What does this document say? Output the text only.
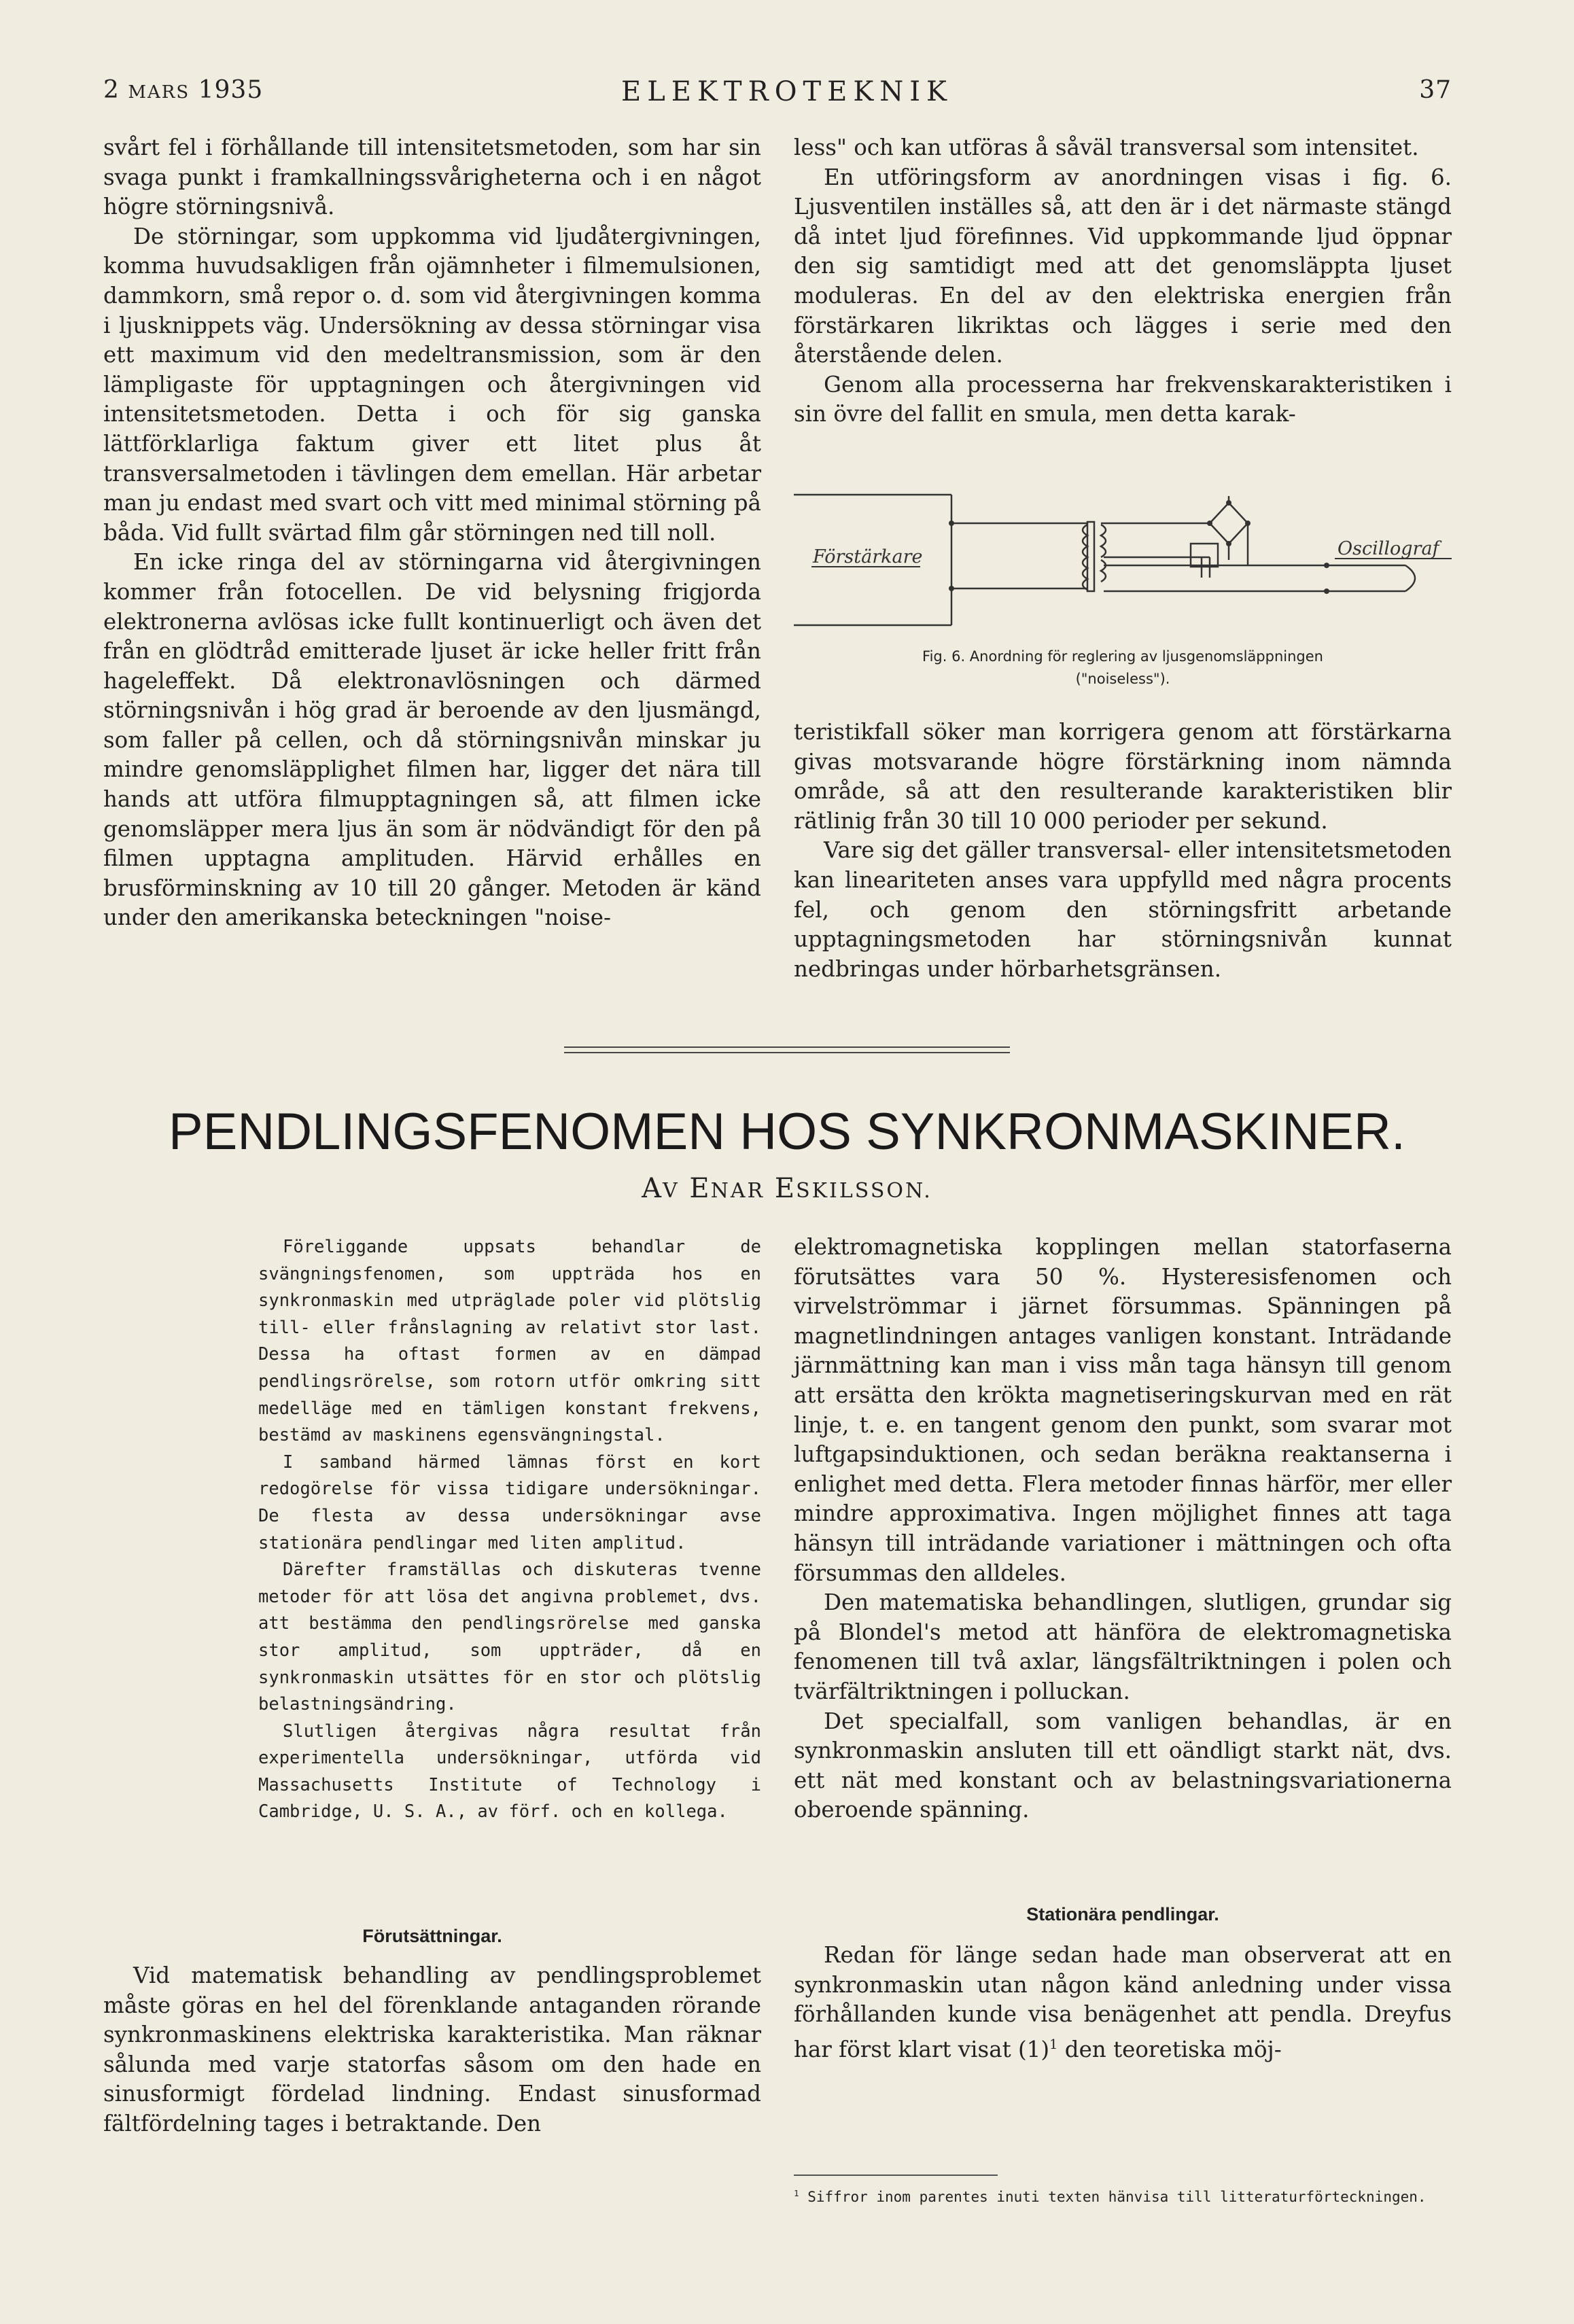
2 MARS 1935	ELEKTROTEKNIK	37

svårt fel i förhållande till intensitetsmetoden, som har sin svaga punkt i framkallningssvårigheterna och i en något högre störningsnivå.

De störningar, som uppkomma vid ljudåtergivningen, komma huvudsakligen från ojämnheter i filmemulsionen, dammkorn, små repor o. d. som vid återgivningen komma i ljusknippets väg. Undersökning av dessa störningar visa ett maximum vid den medeltransmission, som är den lämpligaste för upptagningen och återgivningen vid intensitetsmetoden. Detta i och för sig ganska lättförklarliga faktum giver ett litet plus åt transversalmetoden i tävlingen dem emellan. Här arbetar man ju endast med svart och vitt med minimal störning på båda. Vid fullt svärtad film går störningen ned till noll.

En icke ringa del av störningarna vid återgivningen kommer från fotocellen. De vid belysning frigjorda elektronerna avlösas icke fullt kontinuerligt och även det från en glödtråd emitterade ljuset är icke heller fritt från hageleffekt. Då elektronavlösningen och därmed störningsnivån i hög grad är beroende av den ljusmängd, som faller på cellen, och då störningsnivån minskar ju mindre genomsläpplighet filmen har, ligger det nära till hands att utföra filmupptagningen så, att filmen icke genomsläpper mera ljus än som är nödvändigt för den på filmen upptagna amplituden. Härvid erhålles en brusförminskning av 10 till 20 gånger. Metoden är känd under den amerikanska beteckningen "noise-

less" och kan utföras å såväl transversal som intensitet.

En utföringsform av anordningen visas i fig. 6. Ljusventilen inställes så, att den är i det närmaste stängd då intet ljud förefinnes. Vid uppkommande ljud öppnar den sig samtidigt med att det genomsläppta ljuset moduleras. En del av den elektriska energien från förstärkaren likriktas och lägges i serie med den återstående delen.

Genom alla processerna har frekvenskarakteristiken i sin övre del fallit en smula, men detta karak-

Förstärkare	Oscillograf
Fig. 6. Anordning för reglering av ljusgenomsläppningen
("noiseless").

teristikfall söker man korrigera genom att förstärkarna givas motsvarande högre förstärkning inom nämnda område, så att den resulterande karakteristiken blir rätlinig från 30 till 10 000 perioder per sekund.

Vare sig det gäller transversal- eller intensitetsmetoden kan lineariteten anses vara uppfylld med några procents fel, och genom den störningsfritt arbetande upptagningsmetoden har störningsnivån kunnat nedbringas under hörbarhetsgränsen.

PENDLINGSFENOMEN HOS SYNKRONMASKINER.
AV ENAR ESKILSSON.

Föreliggande uppsats behandlar de svängningsfenomen, som uppträda hos en synkronmaskin med utpräglade poler vid plötslig till- eller frånslagning av relativt stor last. Dessa ha oftast formen av en dämpad pendlingsrörelse, som rotorn utför omkring sitt medelläge med en tämligen konstant frekvens, bestämd av maskinens egensvängningstal.

I samband härmed lämnas först en kort redogörelse för vissa tidigare undersökningar. De flesta av dessa undersökningar avse stationära pendlingar med liten amplitud.

Därefter framställas och diskuteras tvenne metoder för att lösa det angivna problemet, dvs. att bestämma den pendlingsrörelse med ganska stor amplitud, som uppträder, då en synkronmaskin utsättes för en stor och plötslig belastningsändring.

Slutligen återgivas några resultat från experimentella undersökningar, utförda vid Massachusetts Institute of Technology i Cambridge, U. S. A., av förf. och en kollega.

Förutsättningar.

Vid matematisk behandling av pendlingsproblemet måste göras en hel del förenklande antaganden rörande synkronmaskinens elektriska karakteristika. Man räknar sålunda med varje statorfas såsom om den hade en sinusformigt fördelad lindning. Endast sinusformad fältfördelning tages i betraktande. Den

elektromagnetiska kopplingen mellan statorfaserna förutsättes vara 50 %. Hysteresisfenomen och virvelströmmar i järnet försummas. Spänningen på magnetlindningen antages vanligen konstant. Inträdande järnmättning kan man i viss mån taga hänsyn till genom att ersätta den krökta magnetiseringskurvan med en rät linje, t. e. en tangent genom den punkt, som svarar mot luftgapsinduktionen, och sedan beräkna reaktanserna i enlighet med detta. Flera metoder finnas härför, mer eller mindre approximativa. Ingen möjlighet finnes att taga hänsyn till inträdande variationer i mättningen och ofta försummas den alldeles.

Den matematiska behandlingen, slutligen, grundar sig på Blondel's metod att hänföra de elektromagnetiska fenomenen till två axlar, längsfältriktningen i polen och tvärfältriktningen i polluckan.

Det specialfall, som vanligen behandlas, är en synkronmaskin ansluten till ett oändligt starkt nät, dvs. ett nät med konstant och av belastningsvariationerna oberoende spänning.

Stationära pendlingar.

Redan för länge sedan hade man observerat att en synkronmaskin utan någon känd anledning under vissa förhållanden kunde visa benägenhet att pendla. Dreyfus har först klart visat $(1)^1$ den teoretiska möj-

$^1$ Siffror inom parentes inuti texten hänvisa till litteraturförteckningen.
